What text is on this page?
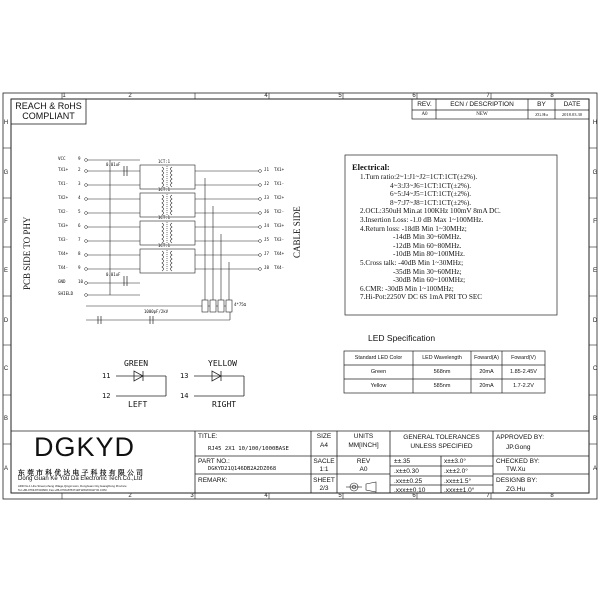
1	2	4	5	6	7	8
2	3	4	5	6	7	8
H
G
F
E
D
C
B
A
H
G
F
E
D
C
B
A
REACH & RoHS
COMPLIANT
REV.	ECN / DESCRIPTION	BY	DATE
A0	NEW	ZG.Hu	2018.03.30
VCC	9
TX1+ 2
TX1- 3
TX2+ 4
TX2- 5
TX3+ 6
TX3- 7
TX4+ 8
TX4- 9
GND	10
SHIELD
J1 TX1+
J2 TX1-
J3 TX2+
J6 TX2-
J4 TX3+
J5 TX3-
J7 TX4+
J8 TX4-
0.01uF
0.01uF
1CT:1
1CT:1
1CT:1
1CT:1
1000pF/2kV
4*75Ω
PCB SIDE TO PHY	CABLE SIDE
Electrical:
1.Turn ratio:2~1:J1~J2=1CT:1CT(±2%).
4~3:J3~J6=1CT:1CT(±2%).
6~5:J4~J5=1CT:1CT(±2%).
8~7:J7~J8=1CT:1CT(±2%).
2.OCL:350uH Min.at 100KHz 100mV 8mA DC.
3.Insertion Loss: -1.0 dB Max 1~100MHz.
4.Return loss: -18dB Min 1~30MHz;
-14dB Min 30~60MHz.
-12dB Min 60~80MHz.
-10dB Min 80~100MHz.
5.Cross talk: -40dB Min 1~30MHz;
-35dB Min 30~60MHz;
-30dB Min 60~100MHz;
6.CMR: -30dB Min 1~100MHz;
7.Hi-Pot:2250V DC 6S 1mA PRI TO SEC
LED Specification
Standard LED Color	LED Wavelength	Foward(A)	Foward(V)
Green	568nm	20mA	1.85-2.45V
Yellow	585nm	20mA	1.7-2.2V
GREEN
11
12
LEFT
YELLOW
13
14
RIGHT
DGKYD
东 莞 市 科 优 达 电 子 科 技 有 限 公 司
Dong Guan Ke You Da Electronic Tech.Co.,Ltd
ADD:No.1 Lihe Street,Liheng Village,Qingxi town, DongGuan City,GuangDong Province
Tel:+86-0769-87334600, Fax:+86-0769-87847128 WWW.DGKYD.COM
TITLE:
RJ45 2X1 10/100/1000BASE
PART NO.:
DGKYD21Q146DB2A2DZ068
REMARK:
SIZE
A4
UNITS
MM[INCH]
SACLE
1:1
REV
A0
SHEET
2/3
GENERAL TOLERANCES
UNLESS SPECIFIED
±±.35	x±±3.0°
.x±±0.30	.x±±2.0°
.xx±±0.25	.xx±±1.5°
.xxx±±0.10	.xxx±±1.0°
APPROVED BY:
JP.Gong
CHECKED BY:
TW.Xu
DESIGNB BY:
ZG.Hu
